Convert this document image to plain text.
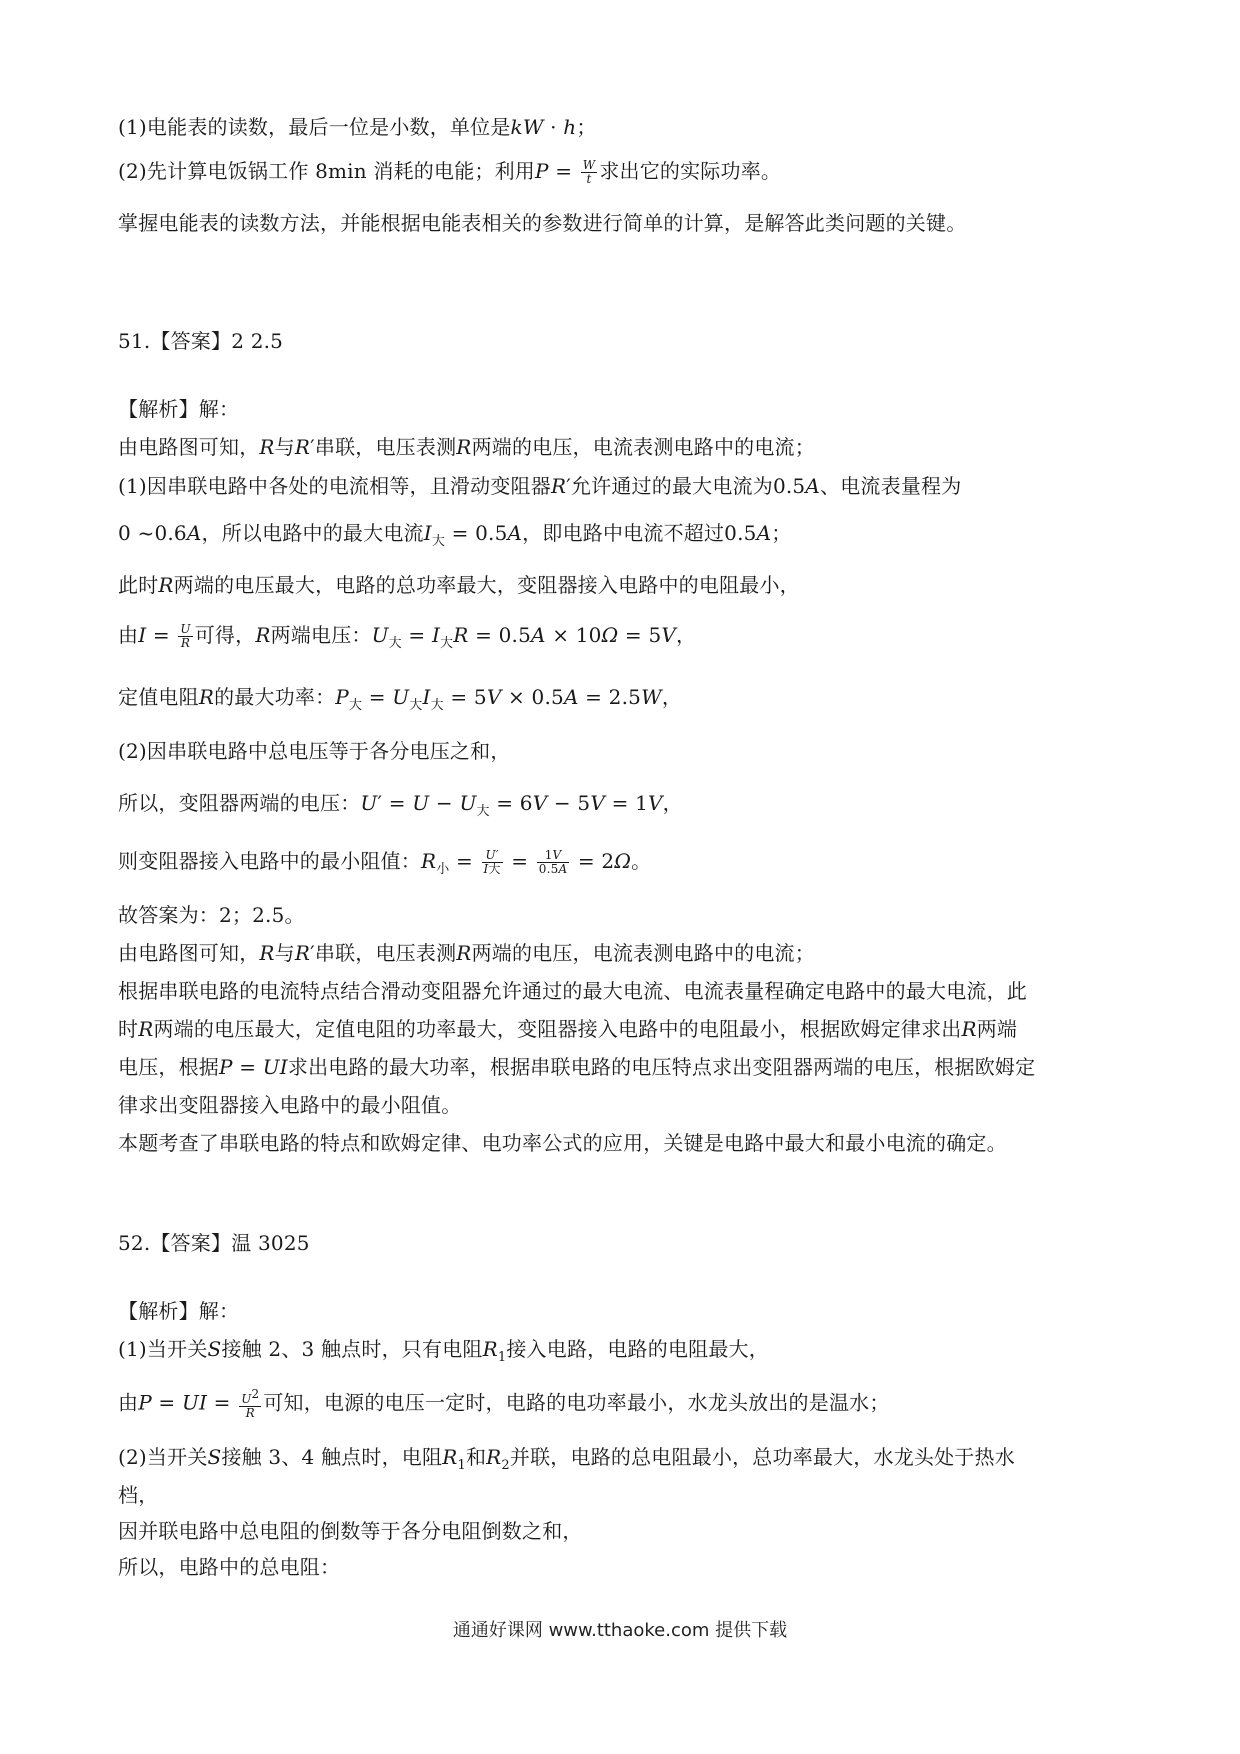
(1)电能表的读数，最后一位是小数，单位是kW · h；
(2)先计算电饭锅工作 8min 消耗的电能；利用$P = \frac{W}{t}$ 求出它的实际功率。
掌握电能表的读数方法，并能根据电能表相关的参数进行简单的计算，是解答此类问题的关键。
51.【答案】2 2.5
【解析】解：
由电路图可知，R与R′串联，电压表测R两端的电压，电流表测电路中的电流；
(1)因串联电路中各处的电流相等，且滑动变阻器R′允许通过的最大电流为0.5A、电流表量程为
0 ~0.6A，所以电路中的最大电流$I_大 = 0.5A$，即电路中电流不超过0.5A；
此时R两端的电压最大，电路的总功率最大，变阻器接入电路中的电阻最小，
由$I = \frac{U}{R}$ 可得，R两端电压：$U_大 = I_大R = 0.5A \times 10\Omega = 5V$，
定值电阻R的最大功率：$P_大 = U_大I_大 = 5V \times 0.5A = 2.5W$，
(2)因串联电路中总电压等于各分电压之和，
所以，变阻器两端的电压：$U' = U - U_大 = 6V - 5V = 1V$，
则变阻器接入电路中的最小阻值：$R_小 = \frac{U'}{\text{I大}} = \frac{1V}{0.5A} = 2\Omega$。
故答案为：2；2.5。
由电路图可知，R与R′串联，电压表测R两端的电压，电流表测电路中的电流；
根据串联电路的电流特点结合滑动变阻器允许通过的最大电流、电流表量程确定电路中的最大电流，此
时R两端的电压最大，定值电阻的功率最大，变阻器接入电路中的电阻最小，根据欧姆定律求出R两端
电压，根据P = UI求出电路的最大功率，根据串联电路的电压特点求出变阻器两端的电压，根据欧姆定
律求出变阻器接入电路中的最小阻值。
本题考查了串联电路的特点和欧姆定律、电功率公式的应用，关键是电路中最大和最小电流的确定。
52.【答案】温 3025
【解析】解：
(1)当开关S接触 2、3 触点时，只有电阻$R_1$接入电路，电路的电阻最大，
由P = UI = $\frac{U^2}{R}$ 可知，电源的电压一定时，电路的电功率最小，水龙头放出的是温水；
(2)当开关S接触 3、4 触点时，电阻$R_1$和$R_2$并联，电路的总电阻最小，总功率最大，水龙头处于热水
档，
因并联电路中总电阻的倒数等于各分电阻倒数之和，
所以，电路中的总电阻：
通通好课网 www.tthaoke.com 提供下载
